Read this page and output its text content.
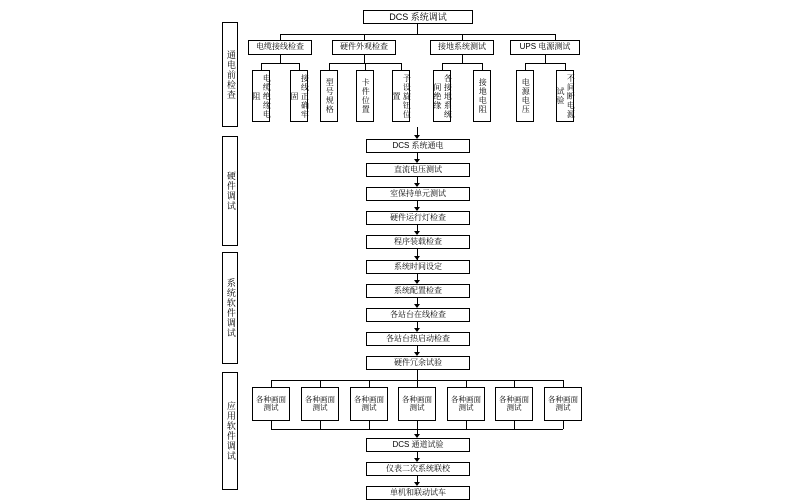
DCS 系统调试
通电前检查
硬件调试
系统软件调试
应用软件调试
电缆接线检查	硬件外观检查	接地系统测试	UPS 电源测试
电缆绝缘电阻	接线正确牢固	型号规格	卡件位置	予设旋钮位置	各接地系统间绝缘	接地电阻	电源电压	不间断电源试验
DCS 系统通电
直流电压测试
室保持单元测试
硬件运行灯检查
程序装载检查
系统时间设定
系统配置检查
各站台在线检查
各站台热启动检查
硬件冗余试验
各种画面测试
各种画面测试
各种画面测试
各种画面测试
各种画面测试
各种画面测试
各种画面测试
DCS 通道试验
仪表二次系统联校
单机和联动试车
